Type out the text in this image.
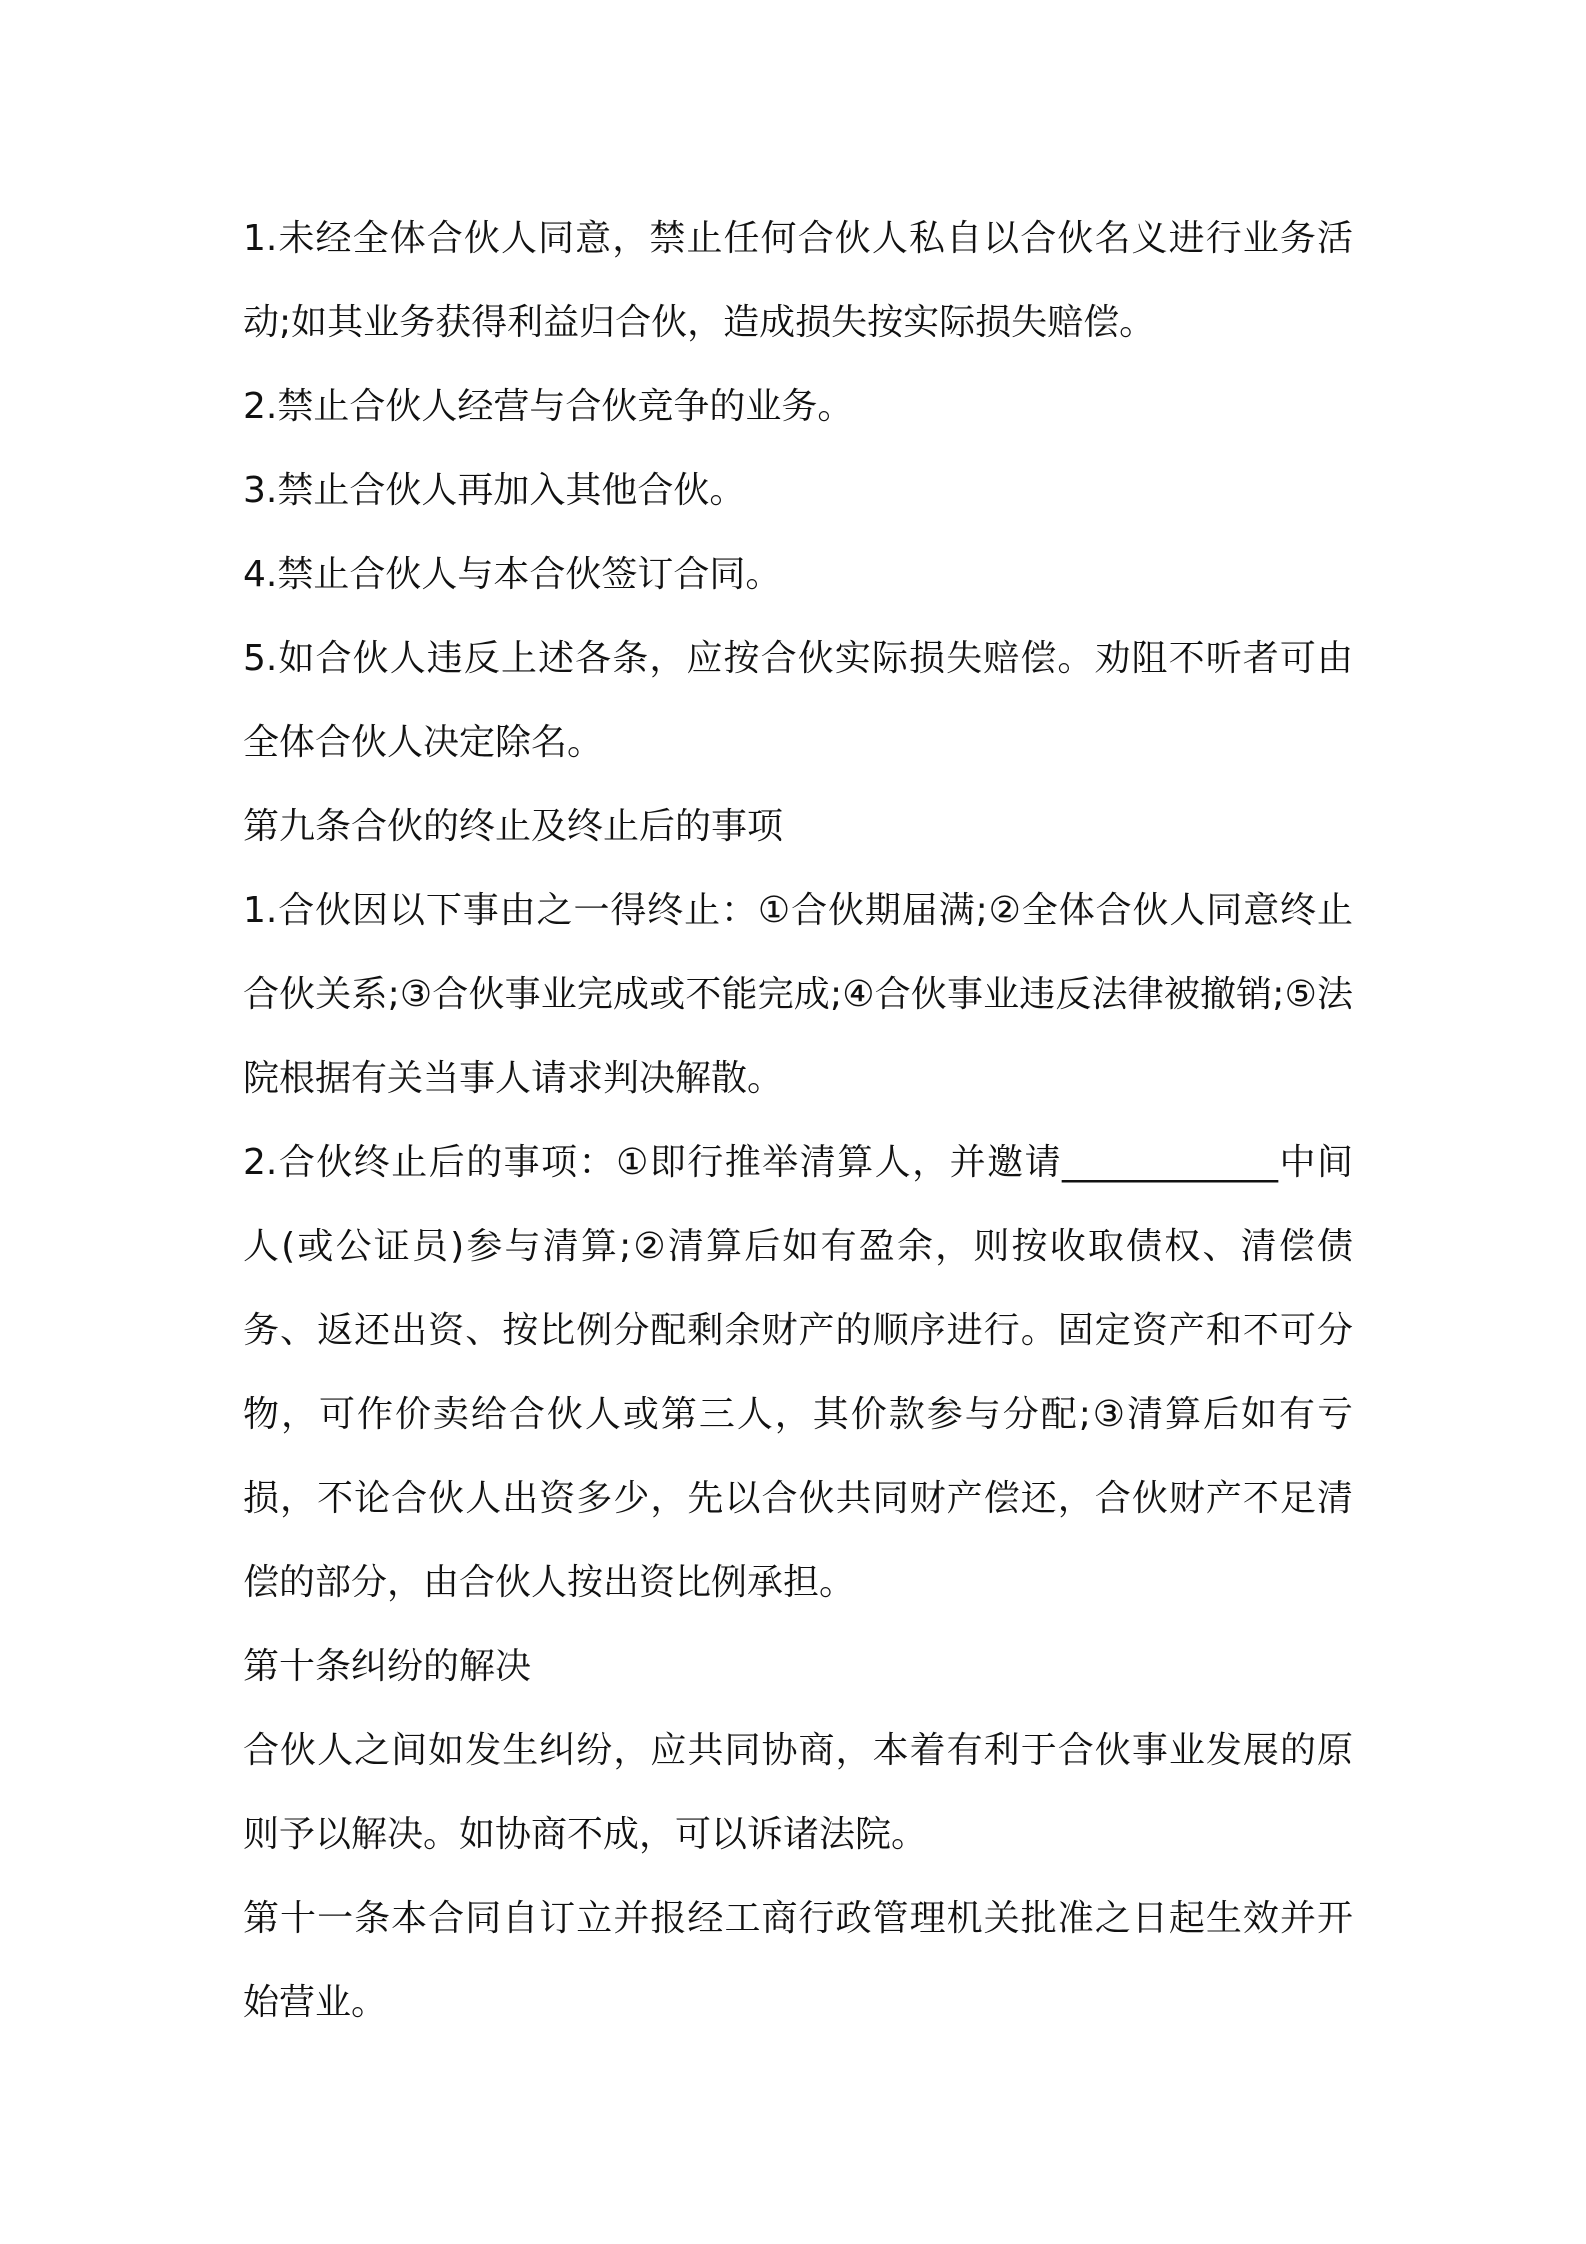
1.未经全体合伙人同意，禁止任何合伙人私自以合伙名义进行业务活动;如其业务获得利益归合伙，造成损失按实际损失赔偿。

2.禁止合伙人经营与合伙竞争的业务。

3.禁止合伙人再加入其他合伙。

4.禁止合伙人与本合伙签订合同。

5.如合伙人违反上述各条，应按合伙实际损失赔偿。劝阻不听者可由全体合伙人决定除名。

第九条合伙的终止及终止后的事项

1.合伙因以下事由之一得终止：①合伙期届满;②全体合伙人同意终止合伙关系;③合伙事业完成或不能完成;④合伙事业违反法律被撤销;⑤法院根据有关当事人请求判决解散。

2.合伙终止后的事项：①即行推举清算人，并邀请____________中间人(或公证员)参与清算;②清算后如有盈余，则按收取债权、清偿债务、返还出资、按比例分配剩余财产的顺序进行。固定资产和不可分物，可作价卖给合伙人或第三人，其价款参与分配;③清算后如有亏损，不论合伙人出资多少，先以合伙共同财产偿还，合伙财产不足清偿的部分，由合伙人按出资比例承担。

第十条纠纷的解决

合伙人之间如发生纠纷，应共同协商，本着有利于合伙事业发展的原则予以解决。如协商不成，可以诉诸法院。

第十一条本合同自订立并报经工商行政管理机关批准之日起生效并开始营业。
